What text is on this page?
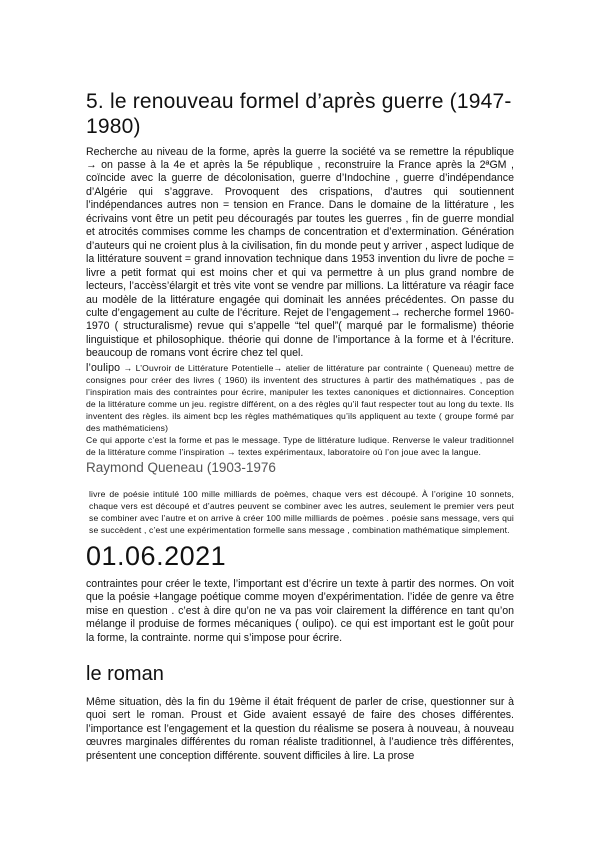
5. le renouveau formel d’après guerre (1947-1980)

Recherche au niveau de la forme, après la guerre la société va se remettre la république → on passe à la 4e et après la 5e république , reconstruire la France après la 2ªGM , coïncide avec la guerre de décolonisation, guerre d’Indochine , guerre d’indépendance d’Algérie qui s’aggrave. Provoquent des crispations, d’autres qui soutiennent l’indépendances autres non = tension en France. Dans le domaine de la littérature , les écrivains vont être un petit peu découragés par toutes les guerres , fin de guerre mondial et atrocités commises comme les champs de concentration et d’extermination. Génération d’auteurs qui ne croient plus à la civilisation, fin du monde peut y arriver , aspect ludique de la littérature souvent = grand innovation technique dans 1953 invention du livre de poche = livre a petit format qui est moins cher et qui va permettre à un plus grand nombre de lecteurs, l’accèss’élargit et très vite vont se vendre par millions. La littérature va réagir face au modèle de la littérature engagée qui dominait les années précédentes. On passe du culte d’engagement au culte de l’écriture. Rejet de l’engagement→ recherche formel 1960-1970 ( structuralisme) revue qui s’appelle “tel quel”( marqué par le formalisme) théorie linguistique et philosophique. théorie qui donne de l’importance à la forme et à l’écriture. beaucoup de romans vont écrire chez tel quel.

l’oulipo → L’Ouvroir de Littérature Potentielle→ atelier de littérature par contrainte ( Queneau) mettre de consignes pour créer des livres ( 1960) ils inventent des structures à partir des mathématiques , pas de l’inspiration mais des contraintes pour écrire, manipuler les textes canoniques et dictionnaires. Conception de la littérature comme un jeu. registre différent, on a des règles qu’il faut respecter tout au long du texte. Ils inventent des règles. ils aiment bcp les règles mathématiques qu’ils appliquent au texte ( groupe formé par des mathématiciens)

Ce qui apporte c’est la forme et pas le message. Type de littérature ludique. Renverse le valeur traditionnel de la littérature comme l’inspiration → textes expérimentaux, laboratoire où l’on joue avec la langue.

Raymond Queneau (1903-1976

livre de poésie intitulé 100 mille milliards de poèmes, chaque vers est découpé. À l’origine 10 sonnets, chaque vers est découpé et d’autres peuvent se combiner avec les autres, seulement le premier vers peut se combiner avec l’autre et on arrive à créer 100 mille milliards de poèmes . poésie sans message, vers qui se succèdent , c’est une expérimentation formelle sans message , combination mathématique simplement.

01.06.2021

contraintes pour créer le texte, l’important est d’écrire un texte à partir des normes. On voit que la poésie +langage poétique comme moyen d’expérimentation. l’idée de genre va être mise en question . c’est à dire qu’on ne va pas voir clairement la différence en tant qu’on mélange il produise de formes mécaniques ( oulipo). ce qui est important est le goût pour la forme, la contrainte. norme qui s’impose pour écrire.

le roman

Même situation, dès la fin du 19ème il était fréquent de parler de crise, questionner sur à quoi sert le roman. Proust et Gide avaient essayé de faire des choses différentes. l’importance est l’engagement et la question du réalisme se posera à nouveau, à nouveau œuvres marginales différentes du roman réaliste traditionnel, à l’audience très différentes, présentent une conception différente. souvent difficiles à lire. La prose
